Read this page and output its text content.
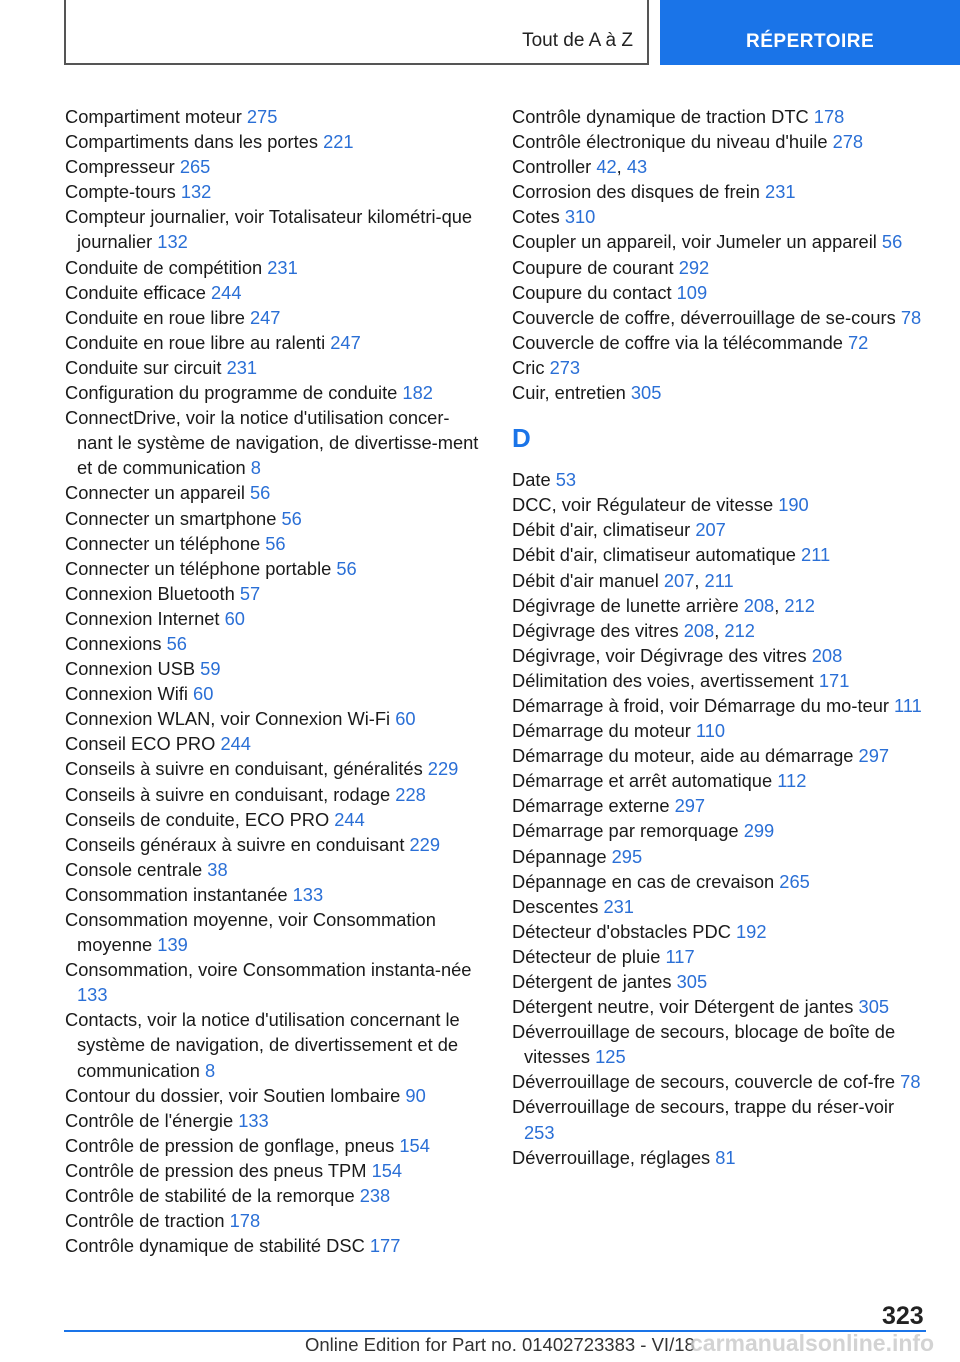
Tout de A à Z	RÉPERTOIRE
Compartiment moteur 275
Compartiments dans les portes 221
Compresseur 265
Compte-tours 132
Compteur journalier, voir Totalisateur kilométri-que journalier 132
Conduite de compétition 231
Conduite efficace 244
Conduite en roue libre 247
Conduite en roue libre au ralenti 247
Conduite sur circuit 231
Configuration du programme de conduite 182
ConnectDrive, voir la notice d'utilisation concer-nant le système de navigation, de divertisse-ment et de communication 8
Connecter un appareil 56
Connecter un smartphone 56
Connecter un téléphone 56
Connecter un téléphone portable 56
Connexion Bluetooth 57
Connexion Internet 60
Connexions 56
Connexion USB 59
Connexion Wifi 60
Connexion WLAN, voir Connexion Wi-Fi 60
Conseil ECO PRO 244
Conseils à suivre en conduisant, généralités 229
Conseils à suivre en conduisant, rodage 228
Conseils de conduite, ECO PRO 244
Conseils généraux à suivre en conduisant 229
Console centrale 38
Consommation instantanée 133
Consommation moyenne, voir Consommation moyenne 139
Consommation, voire Consommation instanta-née 133
Contacts, voir la notice d'utilisation concernant le système de navigation, de divertissement et de communication 8
Contour du dossier, voir Soutien lombaire 90
Contrôle de l'énergie 133
Contrôle de pression de gonflage, pneus 154
Contrôle de pression des pneus TPM 154
Contrôle de stabilité de la remorque 238
Contrôle de traction 178
Contrôle dynamique de stabilité DSC 177
Contrôle dynamique de traction DTC 178
Contrôle électronique du niveau d'huile 278
Controller 42, 43
Corrosion des disques de frein 231
Cotes 310
Coupler un appareil, voir Jumeler un appareil 56
Coupure de courant 292
Coupure du contact 109
Couvercle de coffre, déverrouillage de se-cours 78
Couvercle de coffre via la télécommande 72
Cric 273
Cuir, entretien 305
D
Date 53
DCC, voir Régulateur de vitesse 190
Débit d'air, climatiseur 207
Débit d'air, climatiseur automatique 211
Débit d'air manuel 207, 211
Dégivrage de lunette arrière 208, 212
Dégivrage des vitres 208, 212
Dégivrage, voir Dégivrage des vitres 208
Délimitation des voies, avertissement 171
Démarrage à froid, voir Démarrage du mo-teur 111
Démarrage du moteur 110
Démarrage du moteur, aide au démarrage 297
Démarrage et arrêt automatique 112
Démarrage externe 297
Démarrage par remorquage 299
Dépannage 295
Dépannage en cas de crevaison 265
Descentes 231
Détecteur d'obstacles PDC 192
Détecteur de pluie 117
Détergent de jantes 305
Détergent neutre, voir Détergent de jantes 305
Déverrouillage de secours, blocage de boîte de vitesses 125
Déverrouillage de secours, couvercle de cof-fre 78
Déverrouillage de secours, trappe du réser-voir 253
Déverrouillage, réglages 81
323
Online Edition for Part no. 01402723383 - VI/18
carmanualsonline.info
